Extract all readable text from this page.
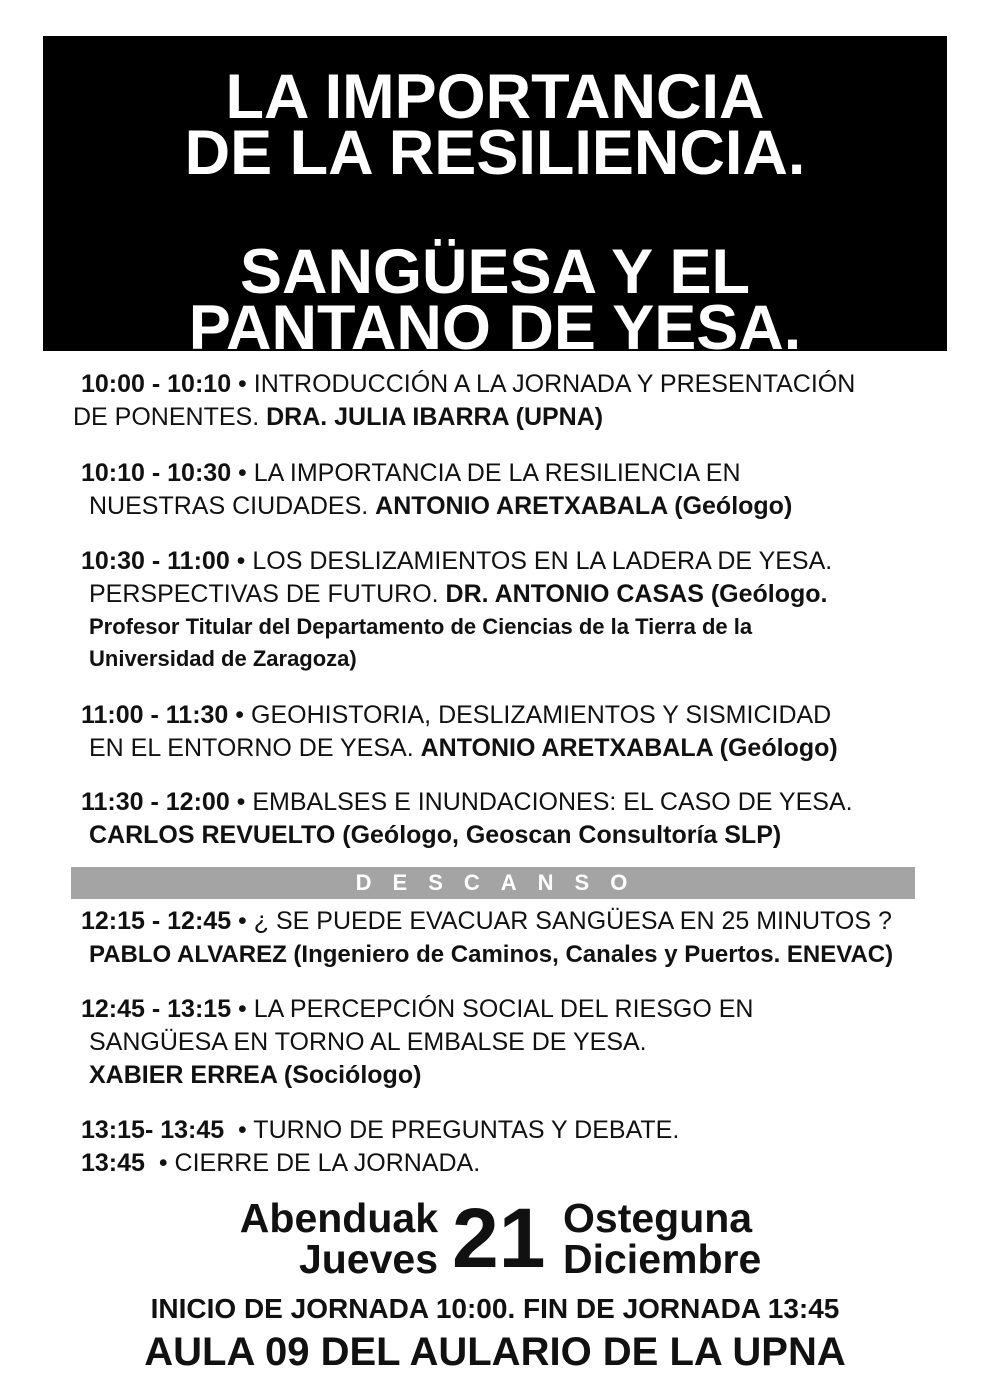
LA IMPORTANCIA
DE LA RESILIENCIA.
SANGÜESA Y EL
PANTANO DE YESA.
10:00 - 10:10 • INTRODUCCIÓN A LA JORNADA Y PRESENTACIÓN
DE PONENTES. DRA. JULIA IBARRA (UPNA)
10:10 - 10:30 • LA IMPORTANCIA DE LA RESILIENCIA EN
NUESTRAS CIUDADES. ANTONIO ARETXABALA (Geólogo)
10:30 - 11:00 • LOS DESLIZAMIENTOS EN LA LADERA DE YESA.
PERSPECTIVAS DE FUTURO. DR. ANTONIO CASAS (Geólogo.
Profesor Titular del Departamento de Ciencias de la Tierra de la
Universidad de Zaragoza)
11:00 - 11:30 • GEOHISTORIA, DESLIZAMIENTOS Y SISMICIDAD
EN EL ENTORNO DE YESA. ANTONIO ARETXABALA (Geólogo)
11:30 - 12:00 • EMBALSES E INUNDACIONES: EL CASO DE YESA.
CARLOS REVUELTO (Geólogo, Geoscan Consultoría SLP)
DESCANSO
12:15 - 12:45 • ¿ SE PUEDE EVACUAR SANGÜESA EN 25 MINUTOS ?
PABLO ALVAREZ (Ingeniero de Caminos, Canales y Puertos. ENEVAC)
12:45 - 13:15 • LA PERCEPCIÓN SOCIAL DEL RIESGO EN
SANGÜESA EN TORNO AL EMBALSE DE YESA.
XABIER ERREA (Sociólogo)
13:15- 13:45  • TURNO DE PREGUNTAS Y DEBATE.
13:45  • CIERRE DE LA JORNADA.
Abenduak
Jueves 21 Osteguna
Diciembre
INICIO DE JORNADA 10:00. FIN DE JORNADA 13:45
AULA 09 DEL AULARIO DE LA UPNA
